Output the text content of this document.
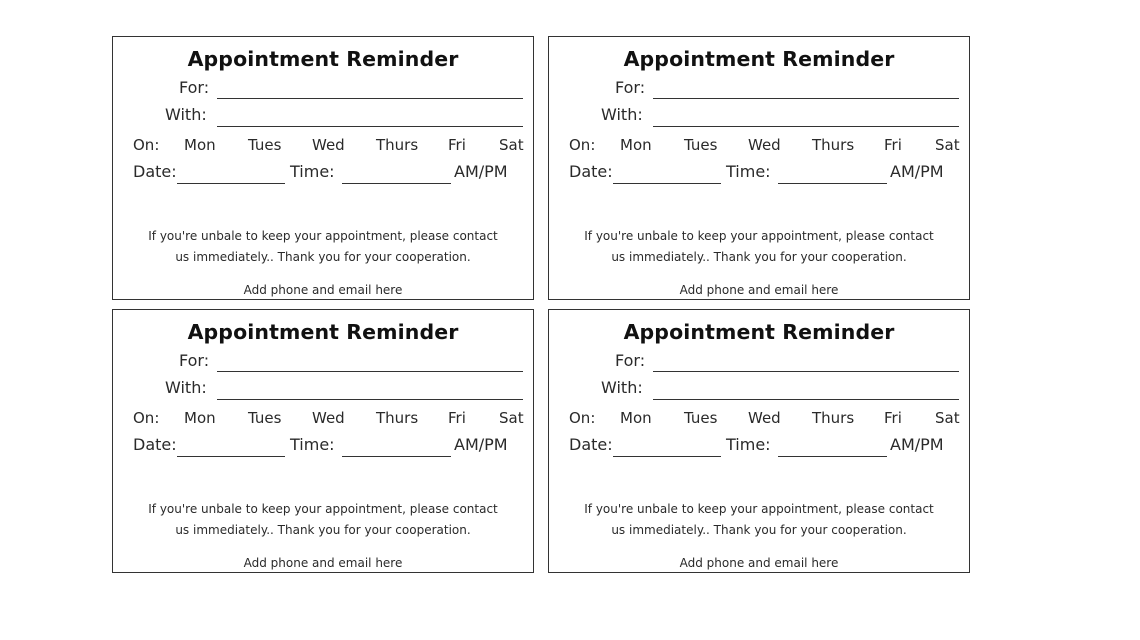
Appointment Reminder
For:
With:
On: Mon Tues Wed Thurs Fri Sat
Date:	Time:	AM/PM
If you're unbale to keep your appointment, please contact
us immediately.. Thank you for your cooperation.
Add phone and email here
Appointment Reminder
For:
With:
On: Mon Tues Wed Thurs Fri Sat
Date:	Time:	AM/PM
If you're unbale to keep your appointment, please contact
us immediately.. Thank you for your cooperation.
Add phone and email here
Appointment Reminder
For:
With:
On: Mon Tues Wed Thurs Fri Sat
Date:	Time:	AM/PM
If you're unbale to keep your appointment, please contact
us immediately.. Thank you for your cooperation.
Add phone and email here
Appointment Reminder
For:
With:
On: Mon Tues Wed Thurs Fri Sat
Date:	Time:	AM/PM
If you're unbale to keep your appointment, please contact
us immediately.. Thank you for your cooperation.
Add phone and email here
